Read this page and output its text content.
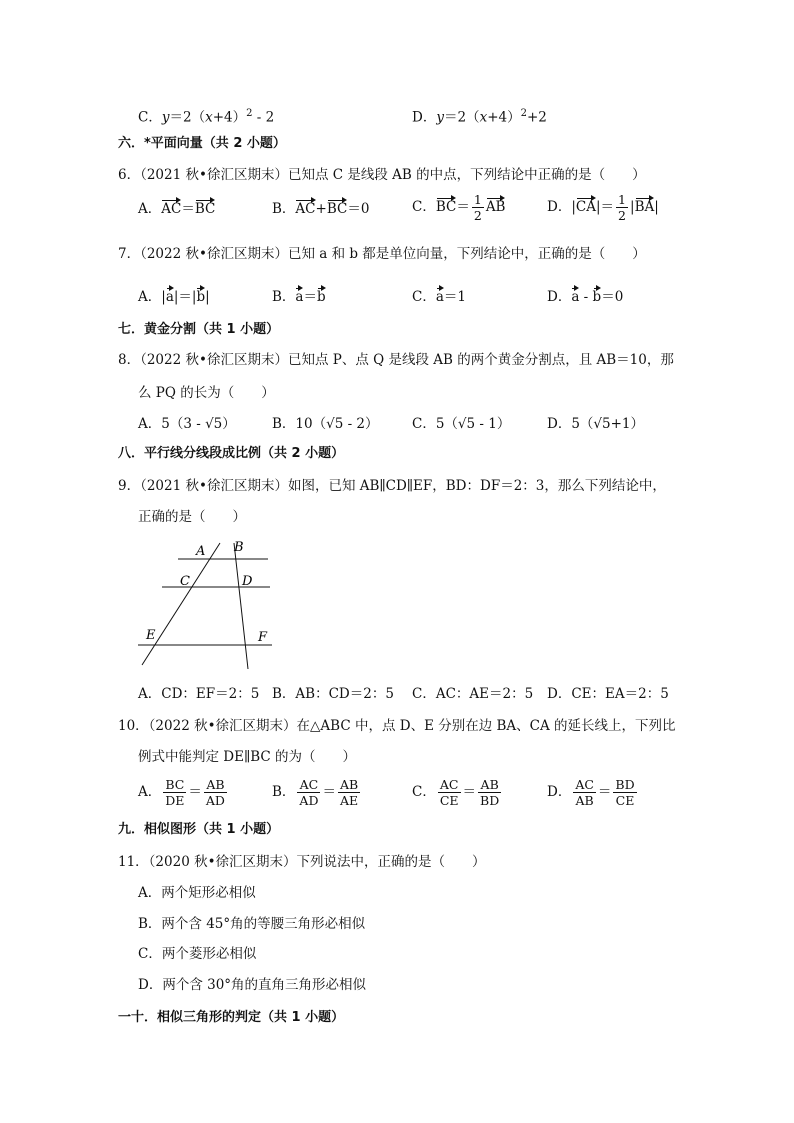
C．$y=2(x+4)^2 - 2$	D．$y=2(x+4)^2+2$
六．*平面向量（共 2 小题）
6．（2021 秋•徐汇区期末）已知点 C 是线段 AB 的中点，下列结论中正确的是（　　）
A．AC＝BC	B．AC+BC＝0	C．$BC= \frac{1}{2}$ AB	D．$|CA|= \frac{1}{2} |BA|$
7．（2022 秋•徐汇区期末）已知 a 和 b 都是单位向量，下列结论中，正确的是（　　）
A．|a|＝|b|	B．a＝b	C．a＝1	D．a - b＝0
七．黄金分割（共 1 小题）
8．（2022 秋•徐汇区期末）已知点 P、点 Q 是线段 AB 的两个黄金分割点，且 AB＝10，那
么 PQ 的长为（　　）
A．5（3 - √5）	B．10（√5 - 2） C．5（√5 - 1）	D．5（√5+1）
八．平行线分线段成比例（共 2 小题）
9．（2021 秋•徐汇区期末）如图，已知 AB∥CD∥EF，BD：DF＝2：3，那么下列结论中，
正确的是（　　）
A B
C	D
E	F
A．CD：EF＝2：5 B．AB：CD＝2：5 C．AC：AE＝2：5 D．CE：EA＝2：5
10．（2022 秋•徐汇区期末）在△ABC 中，点 D、E 分别在边 BA、CA 的延长线上，下列比
例式中能判定 DE∥BC 的为（　　）
A． $\frac{BC}{DE} = \frac{AB}{AD}$	B． $\frac{AC}{AD} = \frac{AB}{AE}$	C． $\frac{AC}{CE} = \frac{AB}{BD}$	D． $\frac{AC}{AB} = \frac{BD}{CE}$
九．相似图形（共 1 小题）
11．（2020 秋•徐汇区期末）下列说法中，正确的是（　　）
A．两个矩形必相似
B．两个含 45°角的等腰三角形必相似
C．两个菱形必相似
D．两个含 30°角的直角三角形必相似
一十．相似三角形的判定（共 1 小题）
